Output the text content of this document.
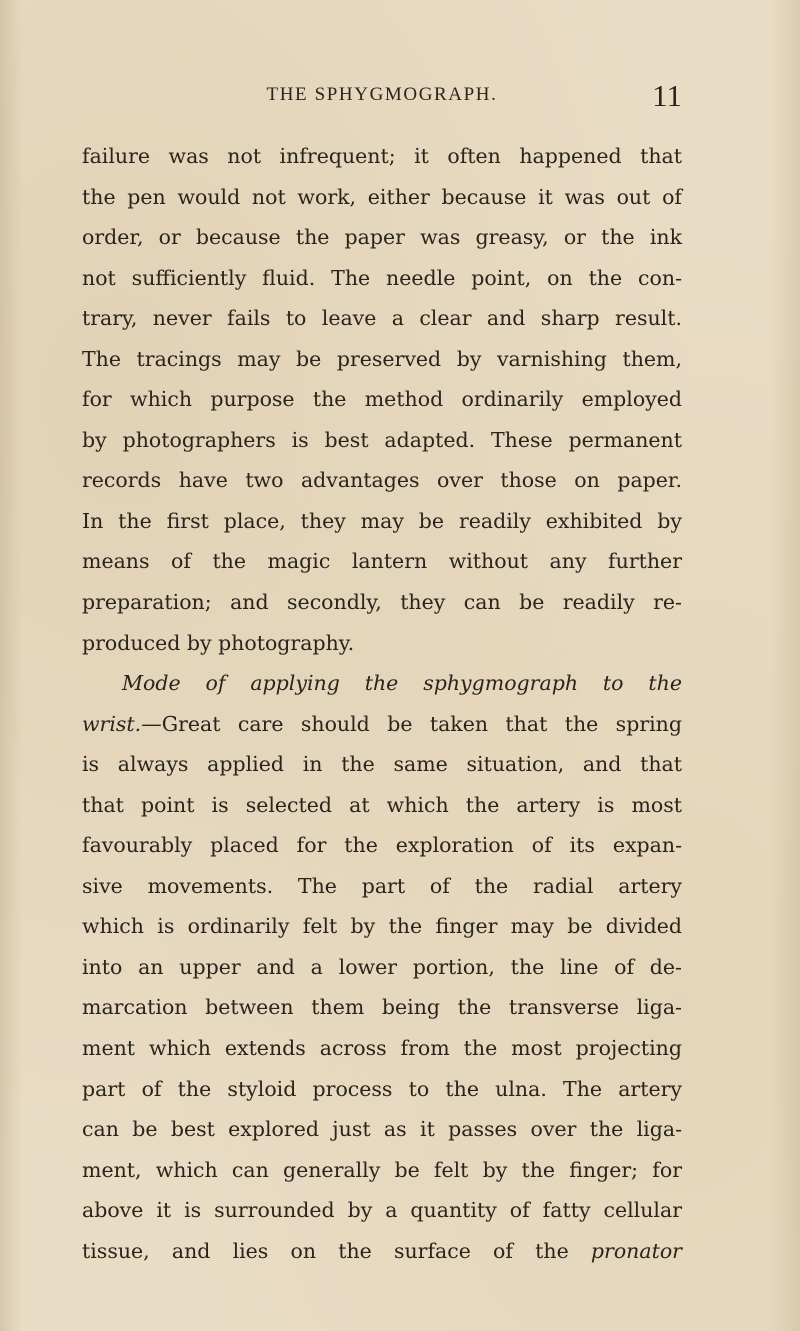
THE SPHYGMOGRAPH.	11
failure was not infrequent; it often happened that
the pen would not work, either because it was out of
order, or because the paper was greasy, or the ink
not sufficiently fluid. The needle point, on the con-
trary, never fails to leave a clear and sharp result.
The tracings may be preserved by varnishing them,
for which purpose the method ordinarily employed
by photographers is best adapted. These permanent
records have two advantages over those on paper.
In the first place, they may be readily exhibited by
means of the magic lantern without any further
preparation; and secondly, they can be readily re-
produced by photography.
Mode of applying the sphygmograph to the
wrist.—Great care should be taken that the spring
is always applied in the same situation, and that
that point is selected at which the artery is most
favourably placed for the exploration of its expan-
sive movements. The part of the radial artery
which is ordinarily felt by the finger may be divided
into an upper and a lower portion, the line of de-
marcation between them being the transverse liga-
ment which extends across from the most projecting
part of the styloid process to the ulna. The artery
can be best explored just as it passes over the liga-
ment, which can generally be felt by the finger; for
above it is surrounded by a quantity of fatty cellular
tissue, and lies on the surface of the pronator
